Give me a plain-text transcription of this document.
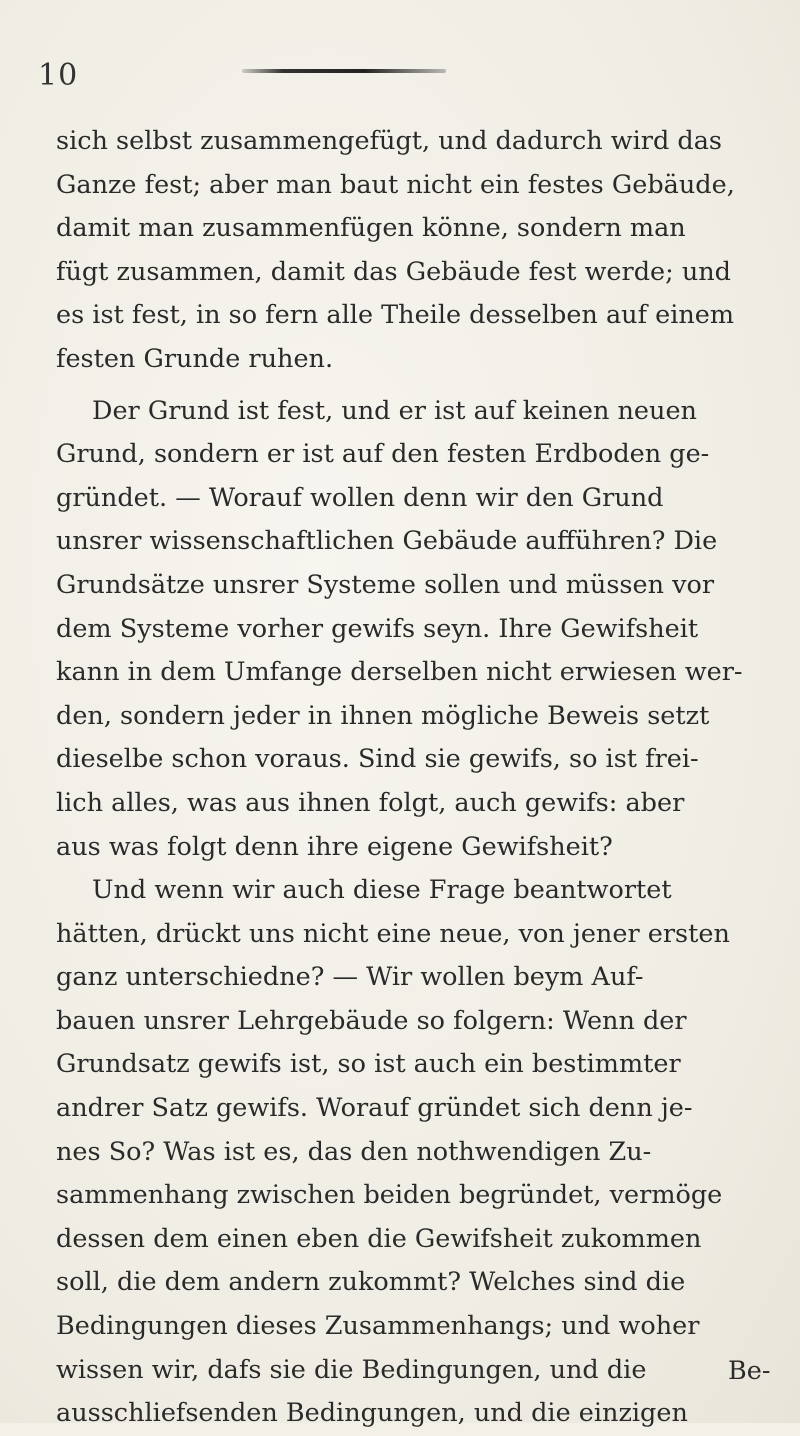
10
sich selbst zusammengefügt, und dadurch wird das
Ganze fest; aber man baut nicht ein festes Gebäude,
damit man zusammenfügen könne, sondern man
fügt zusammen, damit das Gebäude fest werde; und
es ist fest, in so fern alle Theile desselben auf einem
festen Grunde ruhen.
Der Grund ist fest, und er ist auf keinen neuen
Grund, sondern er ist auf den festen Erdboden ge-
gründet. — Worauf wollen denn wir den Grund
unsrer wissenschaftlichen Gebäude aufführen? Die
Grundsätze unsrer Systeme sollen und müssen vor
dem Systeme vorher gewifs seyn. Ihre Gewifsheit
kann in dem Umfange derselben nicht erwiesen wer-
den, sondern jeder in ihnen mögliche Beweis setzt
dieselbe schon voraus. Sind sie gewifs, so ist frei-
lich alles, was aus ihnen folgt, auch gewifs: aber
aus was folgt denn ihre eigene Gewifsheit?
Und wenn wir auch diese Frage beantwortet
hätten, drückt uns nicht eine neue, von jener ersten
ganz unterschiedne? — Wir wollen beym Auf-
bauen unsrer Lehrgebäude so folgern: Wenn der
Grundsatz gewifs ist, so ist auch ein bestimmter
andrer Satz gewifs. Worauf gründet sich denn je-
nes So? Was ist es, das den nothwendigen Zu-
sammenhang zwischen beiden begründet, vermöge
dessen dem einen eben die Gewifsheit zukommen
soll, die dem andern zukommt? Welches sind die
Bedingungen dieses Zusammenhangs; und woher
wissen wir, dafs sie die Bedingungen, und die
ausschliefsenden Bedingungen, und die einzigen
Be-
